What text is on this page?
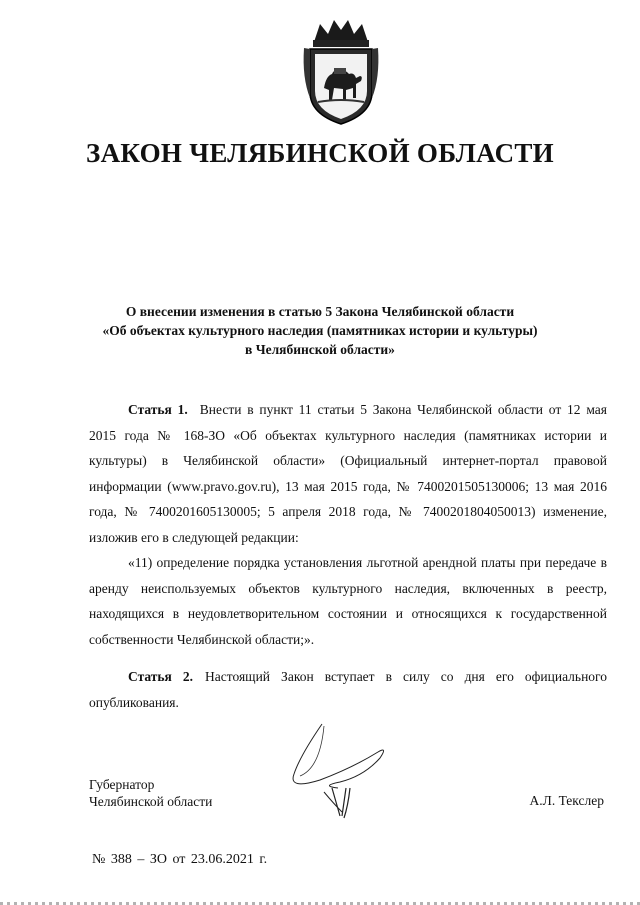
ЗАКОН ЧЕЛЯБИНСКОЙ ОБЛАСТИ
О внесении изменения в статью 5 Закона Челябинской области
«Об объектах культурного наследия (памятниках истории и культуры)
в Челябинской области»

Статья 1. Внести в пункт 11 статьи 5 Закона Челябинской области от 12 мая 2015 года № 168-ЗО «Об объектах культурного наследия (памятниках истории и культуры) в Челябинской области» (Официальный интернет-портал правовой информации (www.pravo.gov.ru), 13 мая 2015 года, № 7400201505130006; 13 мая 2016 года, № 7400201605130005; 5 апреля 2018 года, № 7400201804050013) изменение, изложив его в следующей редакции:

«11) определение порядка установления льготной арендной платы при передаче в аренду неиспользуемых объектов культурного наследия, включенных в реестр, находящихся в неудовлетворительном состоянии и относящихся к государственной собственности Челябинской области;».

Статья 2. Настоящий Закон вступает в силу со дня его официального опубликования.

Губернатор
Челябинской области	А.Л. Текслер
№ 388 – ЗО от 23.06.2021 г.
